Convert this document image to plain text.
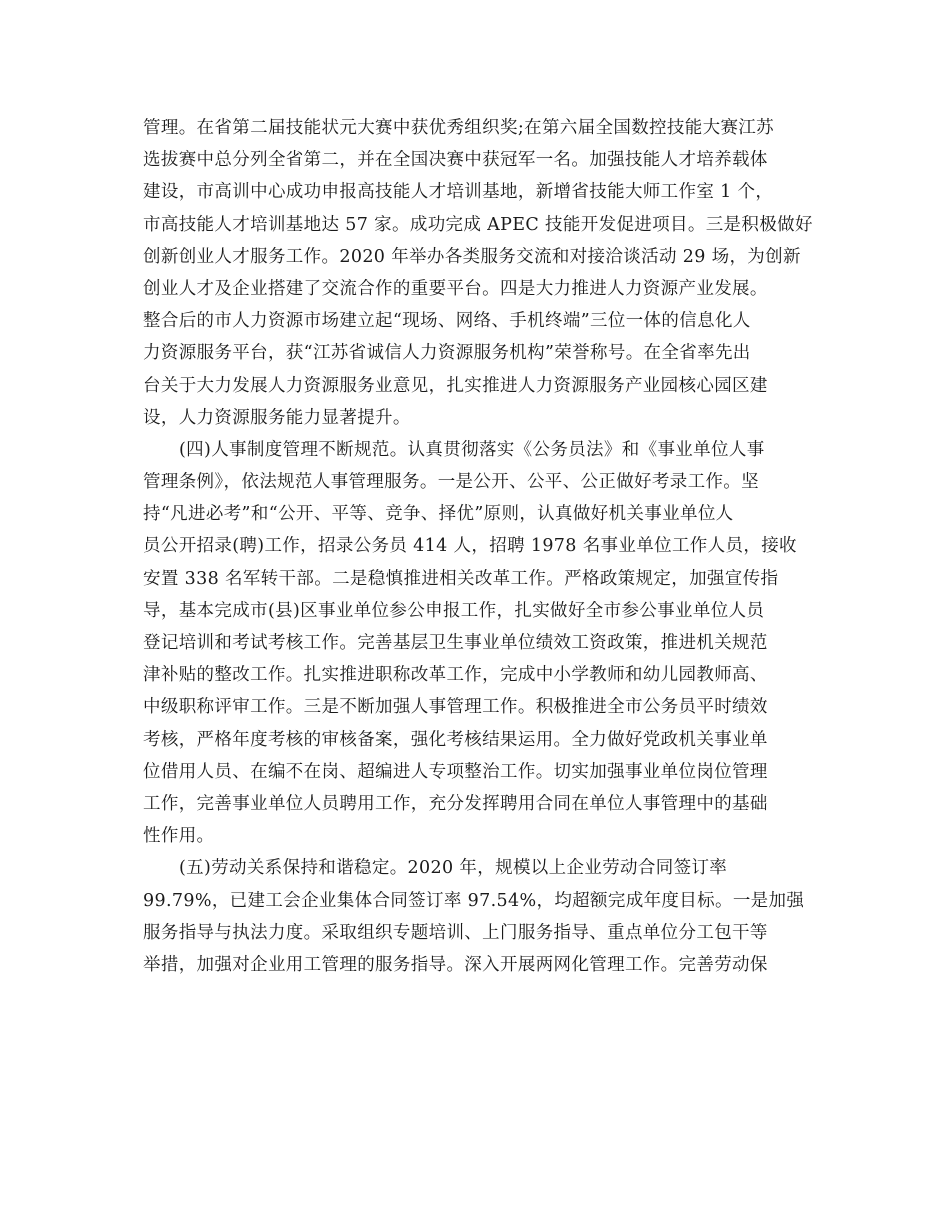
管理。在省第二届技能状元大赛中获优秀组织奖;在第六届全国数控技能大赛江苏
选拔赛中总分列全省第二，并在全国决赛中获冠军一名。加强技能人才培养载体
建设，市高训中心成功申报高技能人才培训基地，新增省技能大师工作室 1 个，
市高技能人才培训基地达 57 家。成功完成 APEC 技能开发促进项目。三是积极做好
创新创业人才服务工作。2020 年举办各类服务交流和对接洽谈活动 29 场，为创新
创业人才及企业搭建了交流合作的重要平台。四是大力推进人力资源产业发展。
整合后的市人力资源市场建立起“现场、网络、手机终端”三位一体的信息化人
力资源服务平台，获“江苏省诚信人力资源服务机构”荣誉称号。在全省率先出
台关于大力发展人力资源服务业意见，扎实推进人力资源服务产业园核心园区建
设，人力资源服务能力显著提升。
(四)人事制度管理不断规范。认真贯彻落实《公务员法》和《事业单位人事
管理条例》，依法规范人事管理服务。一是公开、公平、公正做好考录工作。坚
持“凡进必考”和“公开、平等、竞争、择优”原则，认真做好机关事业单位人
员公开招录(聘)工作，招录公务员 414 人，招聘 1978 名事业单位工作人员，接收
安置 338 名军转干部。二是稳慎推进相关改革工作。严格政策规定，加强宣传指
导，基本完成市(县)区事业单位参公申报工作，扎实做好全市参公事业单位人员
登记培训和考试考核工作。完善基层卫生事业单位绩效工资政策，推进机关规范
津补贴的整改工作。扎实推进职称改革工作，完成中小学教师和幼儿园教师高、
中级职称评审工作。三是不断加强人事管理工作。积极推进全市公务员平时绩效
考核，严格年度考核的审核备案，强化考核结果运用。全力做好党政机关事业单
位借用人员、在编不在岗、超编进人专项整治工作。切实加强事业单位岗位管理
工作，完善事业单位人员聘用工作，充分发挥聘用合同在单位人事管理中的基础
性作用。
(五)劳动关系保持和谐稳定。2020 年，规模以上企业劳动合同签订率
99.79%，已建工会企业集体合同签订率 97.54%，均超额完成年度目标。一是加强
服务指导与执法力度。采取组织专题培训、上门服务指导、重点单位分工包干等
举措，加强对企业用工管理的服务指导。深入开展两网化管理工作。完善劳动保
